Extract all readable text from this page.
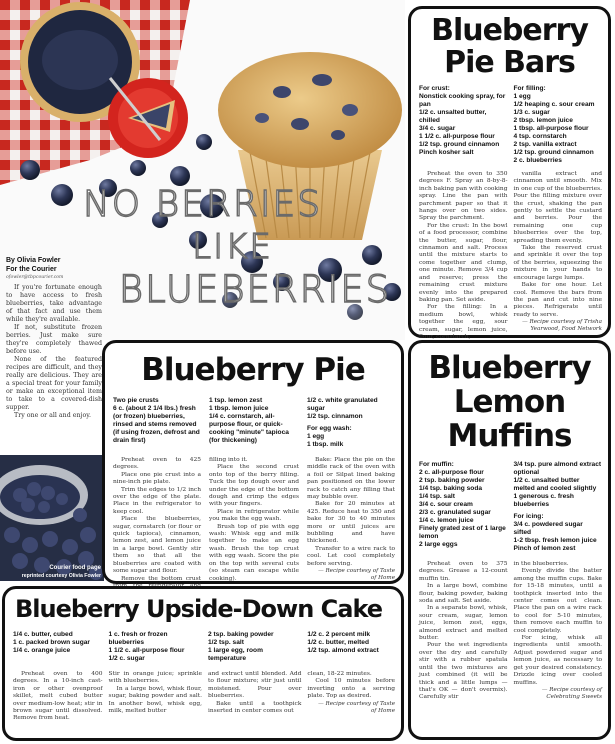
NO BERRIES
LIKE
BLUEBERRIES
By Olivia Fowler
For the Courier
ofowler@tbpcourier.com

If you're fortunate enough to have access to fresh blueberries, take advantage of that fact and use them while they're available.

If not, substitute frozen berries. Just make sure they're completely thawed before use.

None of the featured recipes are difficult, and they really are delicious. They are a special treat for your family or make an exceptional item to take to a covered-dish supper.

Try one or all and enjoy.

Courier food page
reprinted courtesy Olivia Fowler
Blueberry
Pie Bars
For crust:
Nonstick cooking spray, for pan
1/2 c. unsalted butter, chilled
3/4 c. sugar
1 1/2 c. all-purpose flour
1/2 tsp. ground cinnamon
Pinch kosher salt
For filling:
1 egg
1/2 heaping c. sour cream
1/3 c. sugar
2 tbsp. lemon juice
1 tbsp. all-purpose flour
4 tsp. cornstarch
2 tsp. vanilla extract
1/2 tsp. ground cinnamon
2 c. blueberries

Preheat the oven to 350 degrees F. Spray an 8-by-8-inch baking pan with cooking spray. Line the pan with parchment paper so that it hangs over on two sides. Spray the parchment.

For the crust: In the bowl of a food processor, combine the butter, sugar, flour, cinnamon and salt. Process until the mixture starts to come together and clump, one minute. Remove 3/4 cup and reserve; press the remaining crust mixture evenly into the prepared baking pan. Set aside.

For the filling: In a medium bowl, whisk together the egg, sour cream, sugar, lemon juice, flour, cornstarch,

vanilla extract and cinnamon until smooth. Mix in one cup of the blueberries. Pour the filling mixture over the crust, shaking the pan gently to settle the custard and berries. Pour the remaining one cup blueberries over the top, spreading them evenly.

Take the reserved crust and sprinkle it over the top of the berries, squeezing the mixture in your hands to encourage large lumps.

Bake for one hour. Let cool. Remove the bars from the pan and cut into nine pieces. Refrigerate until ready to serve.

— Recipe courtesy of Trisha
Yearwood, Food Network
Blueberry Pie
Two pie crusts
6 c. (about 2 1/4 lbs.) fresh (or frozen) blueberries, rinsed and stems removed (if using frozen, defrost and drain first)
1 tsp. lemon zest
1 tbsp. lemon juice
1/4 c. cornstarch, all-purpose flour, or quick-cooking "minute" tapioca (for thickening)
1/2 c. white granulated sugar
1/2 tsp. cinnamon
For egg wash:
1 egg
1 tbsp. milk

Preheat oven to 425 degrees.

Place one pie crust into a nine-inch pie plate.

Trim the edges to 1/2 inch over the edge of the plate. Place in the refrigerator to keep cool.

Place the blueberries, sugar, cornstarch (or flour or quick tapioca), cinnamon, lemon zest, and lemon juice in a large bowl. Gently stir them so that all the blueberries are coated with some sugar and flour.

Remove the bottom crust

filling into it.

Place the second crust onto top of the berry filling. Tuck the top dough over and under the edge of the bottom dough and crimp the edges with your fingers.

Place in refrigerator while you make the egg wash.

Brush top of pie with egg wash: Whisk egg and milk together to make an egg wash. Brush the top crust with egg wash. Score the pie on the top with several cuts (so steam can escape while cooking).

Bake: Place the pie on the middle rack of the oven with a foil or Silpat lined baking pan positioned on the lower rack to catch any filling that may bubble over.

Bake for 20 minutes at 425. Reduce heat to 350 and bake for 30 to 40 minutes more or until juices are bubbling and have thickened.

Transfer to a wire rack to cool. Let cool completely before serving.

— Recipe courtesy of Taste
of Home
Blueberry
Lemon
Muffins
For muffin:
2 c. all-purpose flour
2 tsp. baking powder
1/4 tsp. baking soda
1/4 tsp. salt
3/4 c. sour cream
2/3 c. granulated sugar
1/4 c. lemon juice
Finely grated zest of 1 large lemon
2 large eggs
3/4 tsp. pure almond extract optional
1/2 c. unsalted butter melted and cooled slightly
1 generous c. fresh blueberries
For icing:
3/4 c. powdered sugar sifted
1-2 tbsp. fresh lemon juice
Pinch of lemon zest

Preheat oven to 375 degrees. Grease a 12-count muffin tin.

In a large bowl, combine flour, baking powder, baking soda and salt. Set aside.

In a separate bowl, whisk, sour cream, sugar, lemon juice, lemon zest, eggs, almond extract and melted butter.

Pour the wet ingredients over the dry and carefully stir with a rubber spatula until the two mixtures are just combined (it will be thick and a little lumps — that's OK — don't overmix). Carefully stir

in the blueberries.

Evenly divide the batter among the muffin cups. Bake for 15-18 minutes, until a toothpick inserted into the center comes out clean. Place the pan on a wire rack to cool for 5-10 minutes, then remove each muffin to cool completely.

For icing, whisk all ingredients until smooth. Adjust powdered sugar and lemon juice, as necessary to get your desired consistency. Drizzle icing over cooled muffins.

— Recipe courtesy of
Celebrating Sweets
Blueberry Upside-Down Cake
1/4 c. butter, cubed
1 c. packed brown sugar
1/4 c. orange juice
1 c. fresh or frozen blueberries
1 1/2 c. all-purpose flour
1/2 c. sugar
2 tsp. baking powder
1/2 tsp. salt
1 large egg, room temperature
1/2 c. 2 percent milk
1/2 c. butter, melted
1/2 tsp. almond extract

Preheat oven to 400 degrees. In a 10-inch cast-iron or other ovenproof skillet, melt cubed butter over medium-low heat; stir in brown sugar until dissolved. Remove from heat.

Stir in orange juice; sprinkle with blueberries.

In a large bowl, whisk flour, sugar, baking powder and salt. In another bowl, whisk egg, milk, melted butter

and extract until blended. Add to flour mixture; stir just until moistened. Pour over blueberries.

Bake until a toothpick inserted in center comes out

clean, 18-22 minutes.

Cool 10 minutes before inverting onto a serving plate. Top as desired.

— Recipe courtesy of Taste
of Home
